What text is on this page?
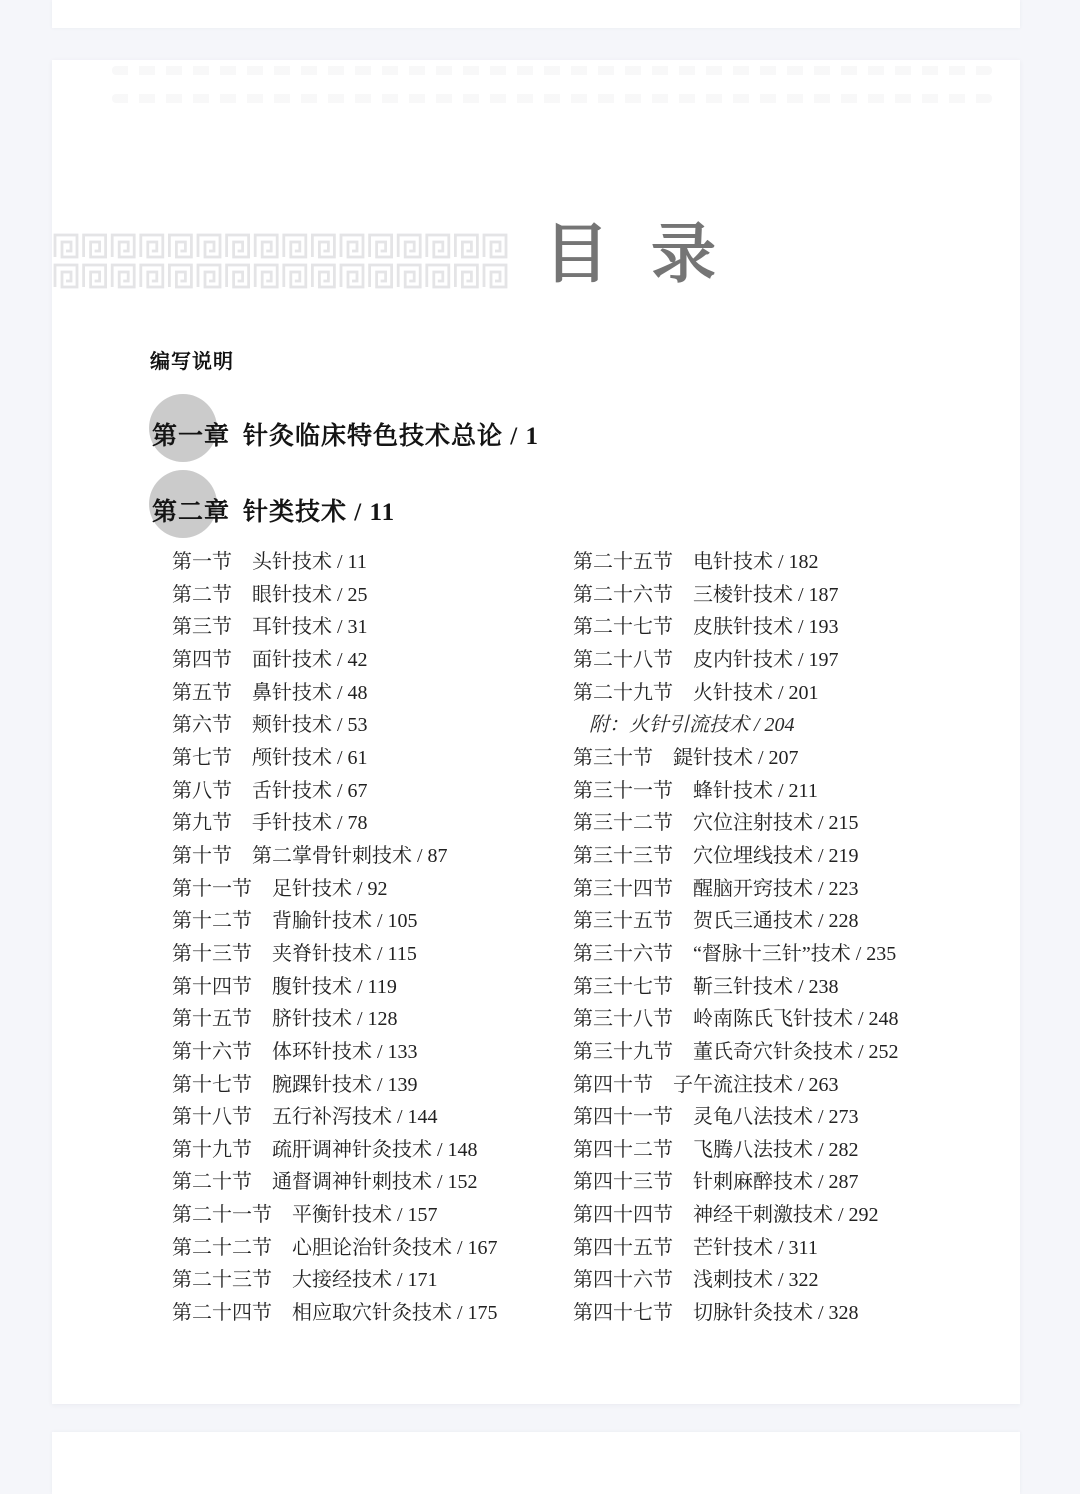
目 录
编写说明
第一章 针灸临床特色技术总论 / 1
第二章 针类技术 / 11
第一节　头针技术 / 11
第二节　眼针技术 / 25
第三节　耳针技术 / 31
第四节　面针技术 / 42
第五节　鼻针技术 / 48
第六节　颊针技术 / 53
第七节　颅针技术 / 61
第八节　舌针技术 / 67
第九节　手针技术 / 78
第十节　第二掌骨针刺技术 / 87
第十一节　足针技术 / 92
第十二节　背腧针技术 / 105
第十三节　夹脊针技术 / 115
第十四节　腹针技术 / 119
第十五节　脐针技术 / 128
第十六节　体环针技术 / 133
第十七节　腕踝针技术 / 139
第十八节　五行补泻技术 / 144
第十九节　疏肝调神针灸技术 / 148
第二十节　通督调神针刺技术 / 152
第二十一节　平衡针技术 / 157
第二十二节　心胆论治针灸技术 / 167
第二十三节　大接经技术 / 171
第二十四节　相应取穴针灸技术 / 175
第二十五节　电针技术 / 182
第二十六节　三棱针技术 / 187
第二十七节　皮肤针技术 / 193
第二十八节　皮内针技术 / 197
第二十九节　火针技术 / 201
附：火针引流技术 / 204
第三十节　鍉针技术 / 207
第三十一节　蜂针技术 / 211
第三十二节　穴位注射技术 / 215
第三十三节　穴位埋线技术 / 219
第三十四节　醒脑开窍技术 / 223
第三十五节　贺氏三通技术 / 228
第三十六节　“督脉十三针”技术 / 235
第三十七节　靳三针技术 / 238
第三十八节　岭南陈氏飞针技术 / 248
第三十九节　董氏奇穴针灸技术 / 252
第四十节　子午流注技术 / 263
第四十一节　灵龟八法技术 / 273
第四十二节　飞腾八法技术 / 282
第四十三节　针刺麻醉技术 / 287
第四十四节　神经干刺激技术 / 292
第四十五节　芒针技术 / 311
第四十六节　浅刺技术 / 322
第四十七节　切脉针灸技术 / 328
